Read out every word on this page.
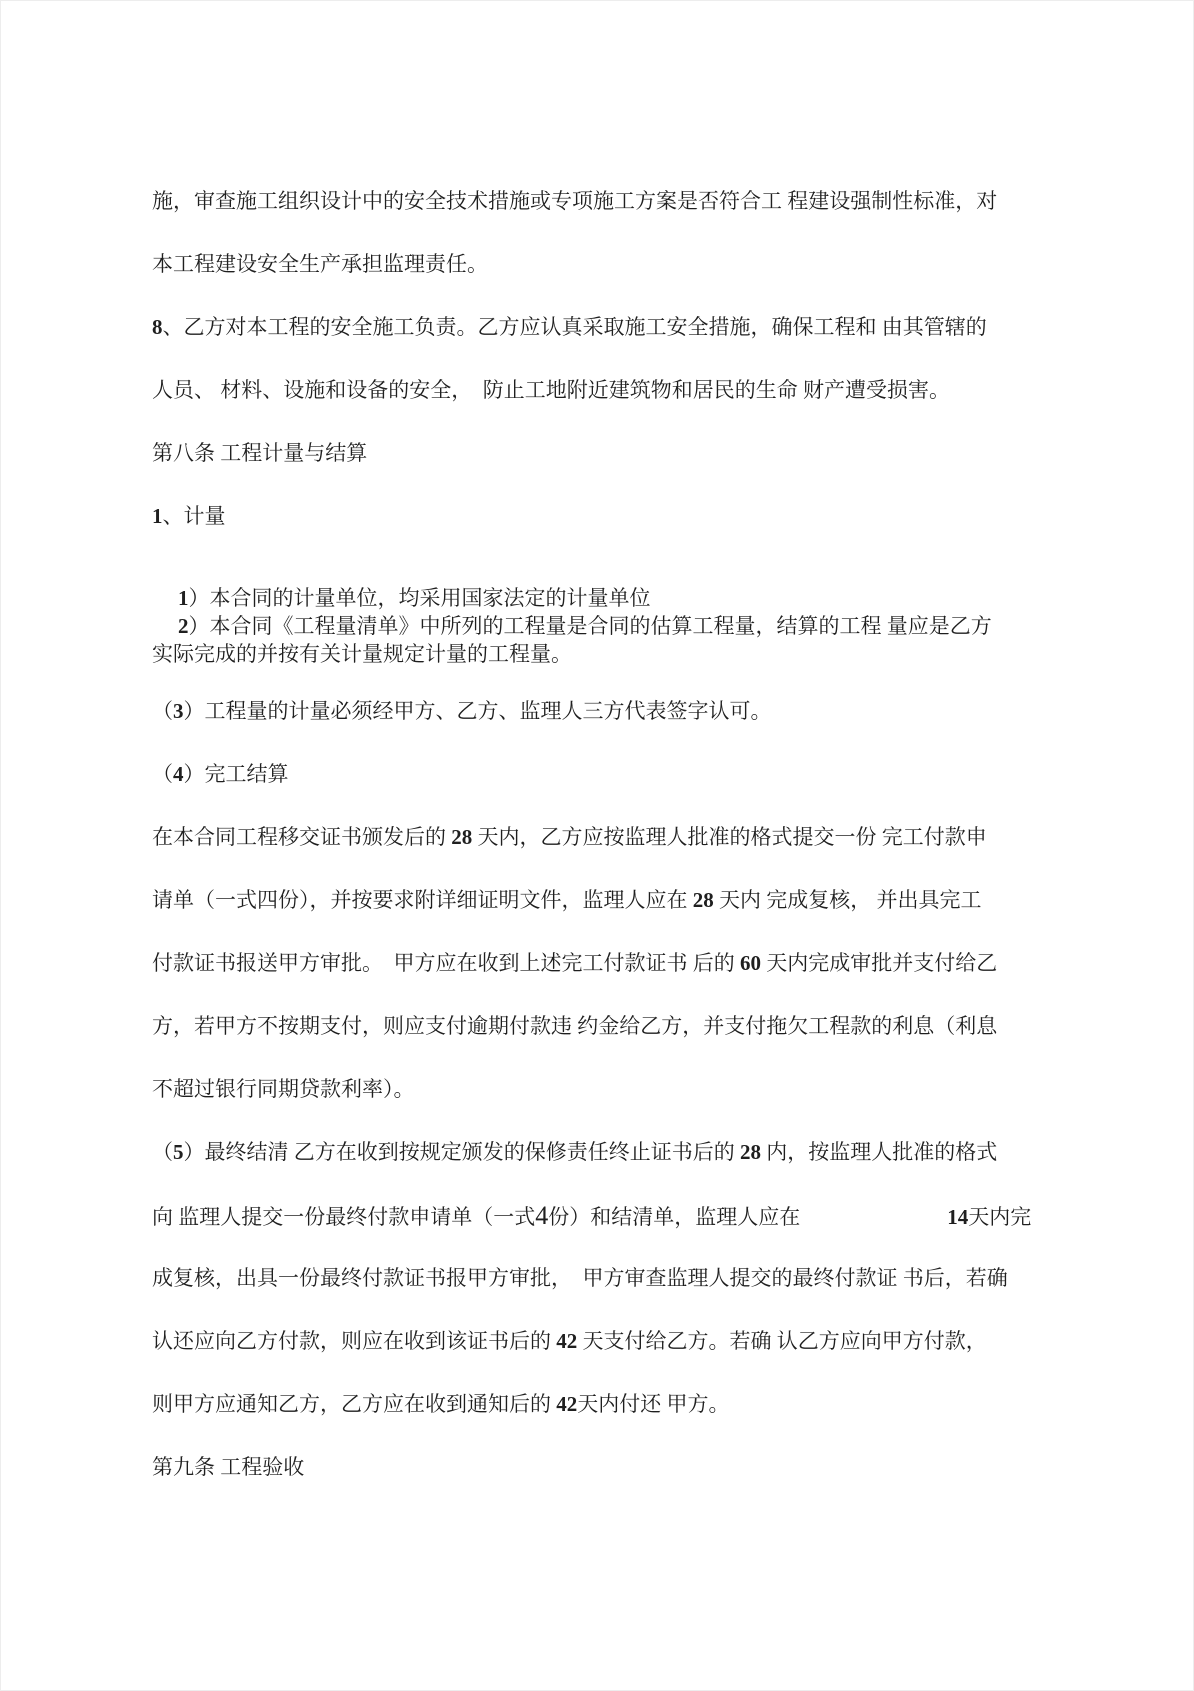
施，审查施工组织设计中的安全技术措施或专项施工方案是否符合工 程建设强制性标准，对
本工程建设安全生产承担监理责任。
8、乙方对本工程的安全施工负责。乙方应认真采取施工安全措施，确保工程和 由其管辖的
人员、 材料、设施和设备的安全，  防止工地附近建筑物和居民的生命 财产遭受损害。
第八条 工程计量与结算
1、计量
1）本合同的计量单位，均采用国家法定的计量单位
2）本合同《工程量清单》中所列的工程量是合同的估算工程量，结算的工程 量应是乙方
实际完成的并按有关计量规定计量的工程量。
（3）工程量的计量必须经甲方、乙方、监理人三方代表签字认可。
（4）完工结算
在本合同工程移交证书颁发后的 28 天内，乙方应按监理人批准的格式提交一份 完工付款申
请单（一式四份），并按要求附详细证明文件，监理人应在 28 天内 完成复核， 并出具完工
付款证书报送甲方审批。  甲方应在收到上述完工付款证书 后的 60 天内完成审批并支付给乙
方，若甲方不按期支付，则应支付逾期付款违 约金给乙方，并支付拖欠工程款的利息（利息
不超过银行同期贷款利率）。
（5）最终结清 乙方在收到按规定颁发的保修责任终止证书后的 28 内，按监理人批准的格式
向 监理人提交一份最终付款申请单（一式4份）和结清单，监理人应在　　　　　　　	14天内完
成复核，出具一份最终付款证书报甲方审批，  甲方审查监理人提交的最终付款证 书后，若确
认还应向乙方付款，则应在收到该证书后的 42 天支付给乙方。若确 认乙方应向甲方付款，
则甲方应通知乙方，乙方应在收到通知后的 42天内付还 甲方。
第九条 工程验收
